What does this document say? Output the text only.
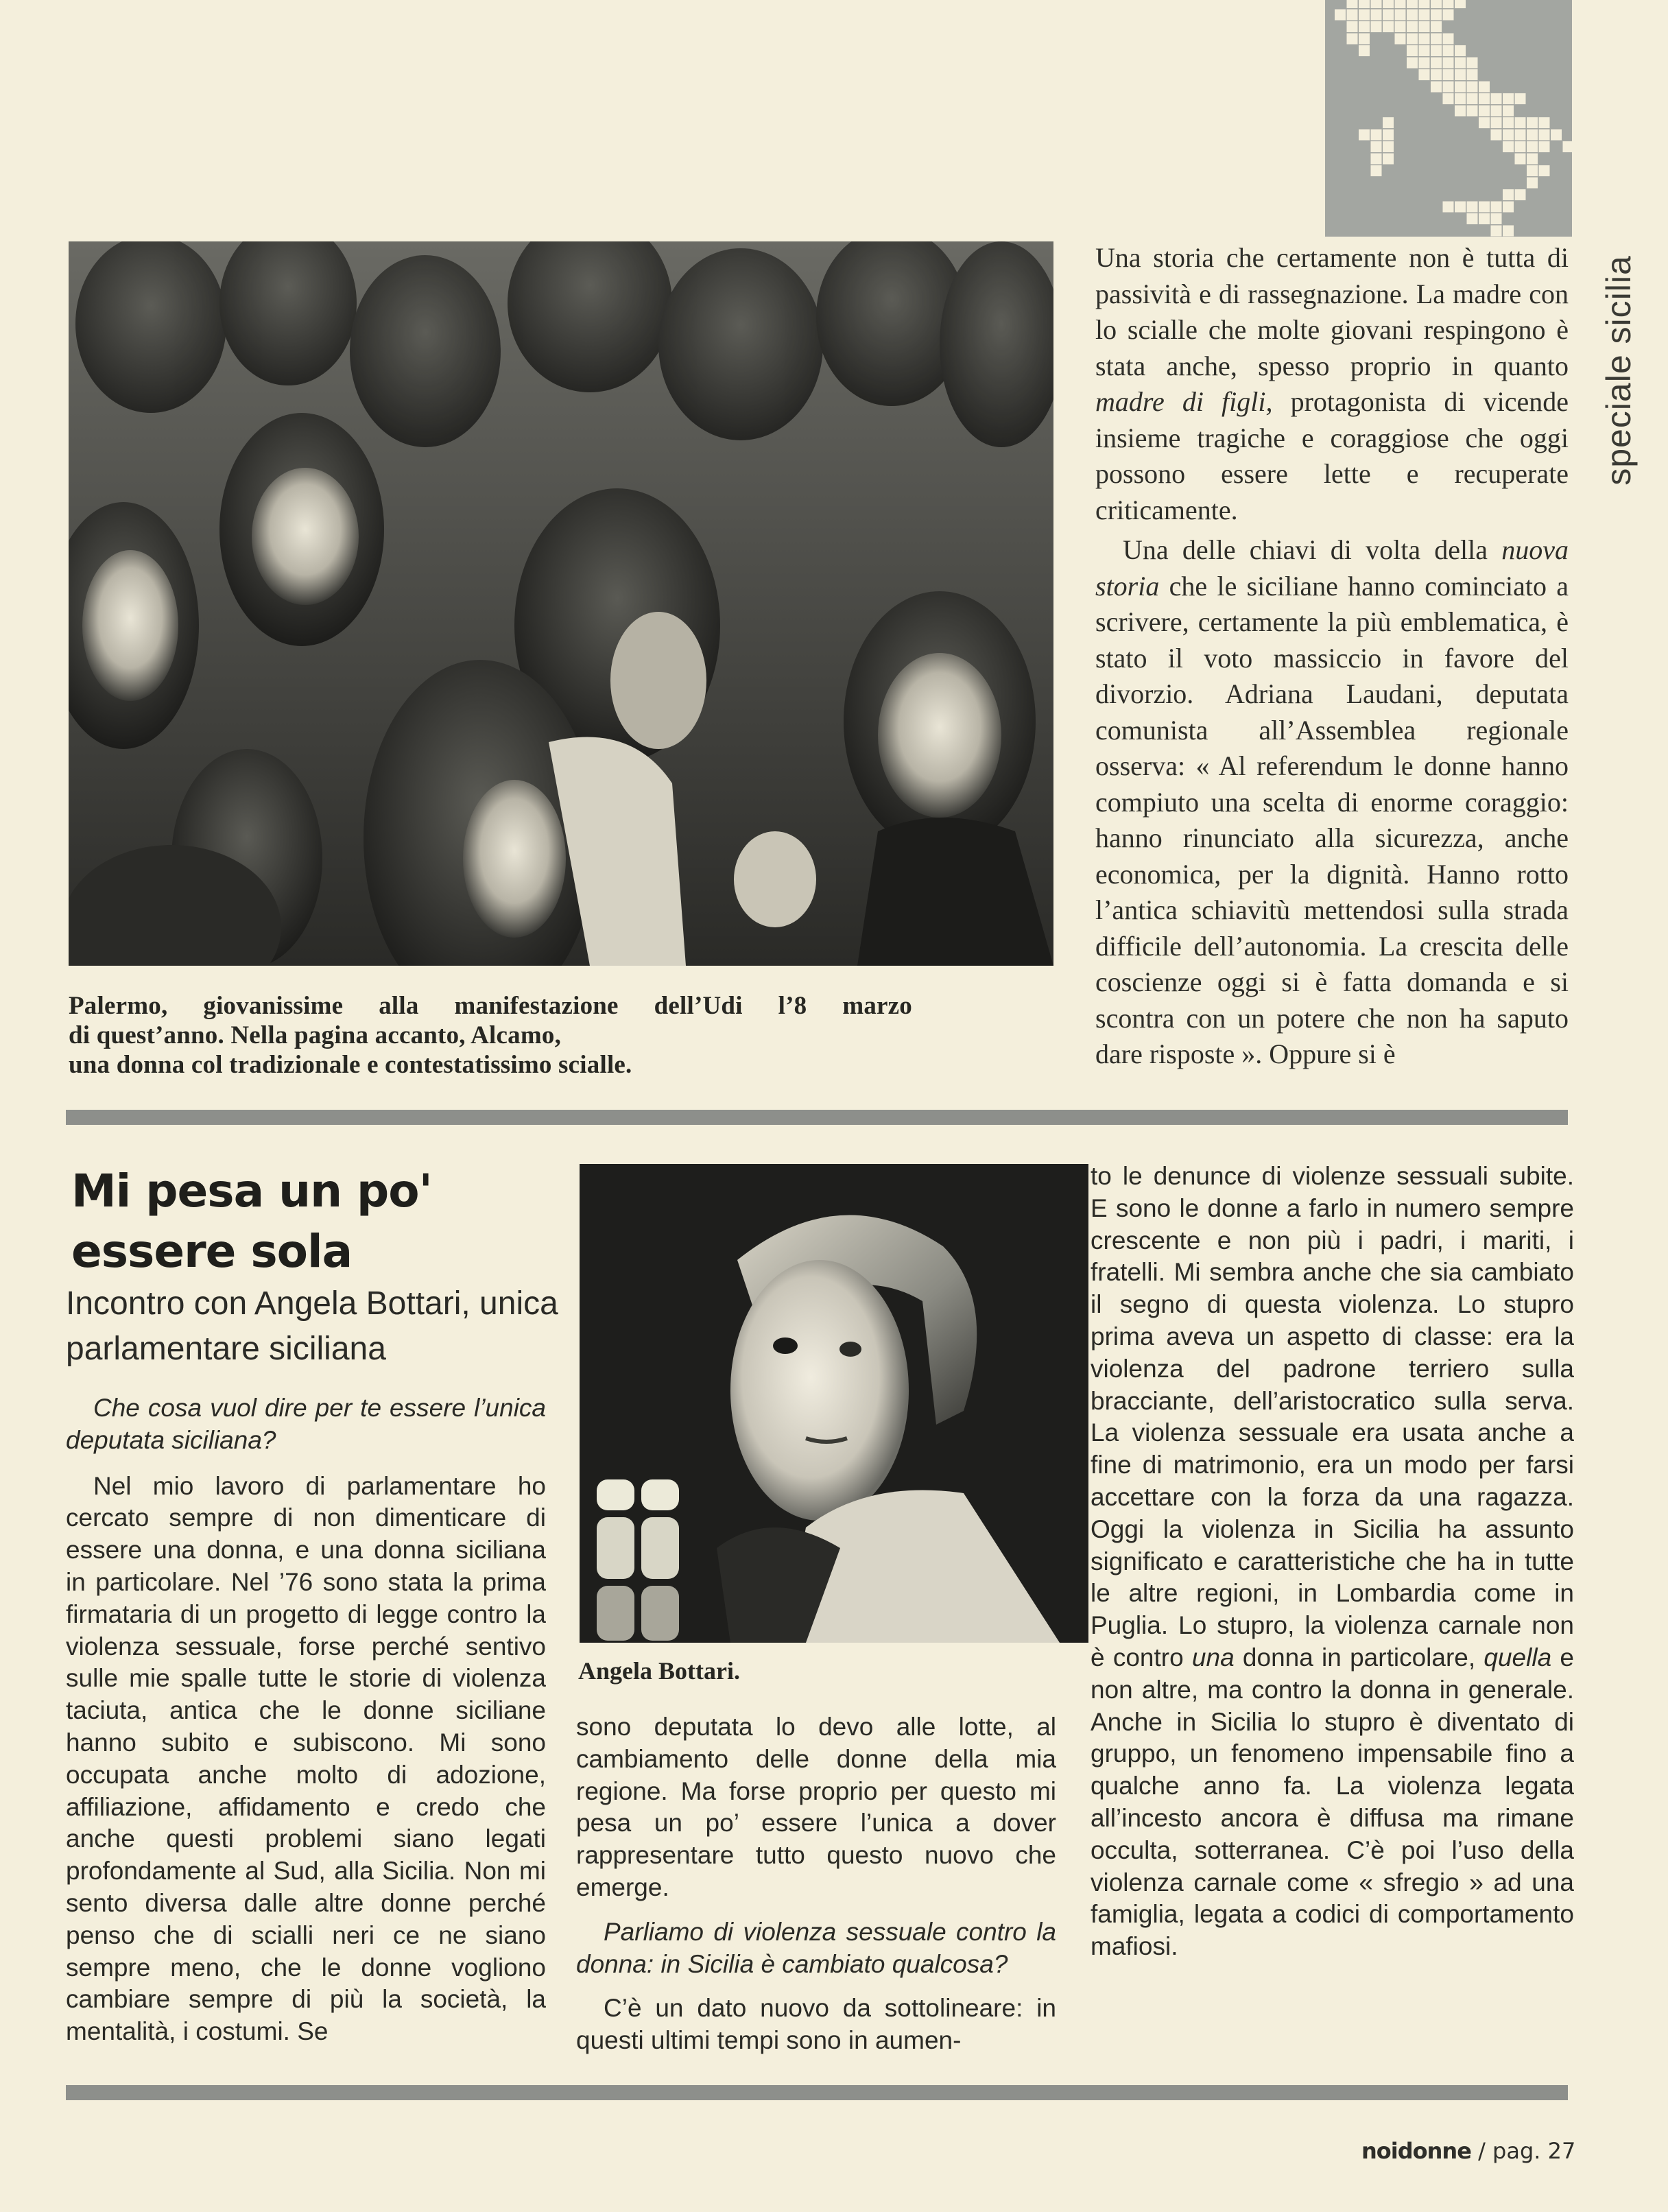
speciale sicilia

Una storia che certamente non è tutta di passività e di rassegnazione. La madre con lo scialle che molte giovani respingono è stata anche, spesso proprio in quanto madre di figli, protagonista di vicende insieme tragiche e coraggiose che oggi possono essere lette e recuperate criticamente.

Una delle chiavi di volta della nuova storia che le siciliane hanno cominciato a scrivere, certamente la più emblematica, è stato il voto massiccio in favore del divorzio. Adriana Laudani, deputata comunista all’Assemblea regionale osserva: « Al referendum le donne hanno compiuto una scelta di enorme coraggio: hanno rinunciato alla sicurezza, anche economica, per la dignità. Hanno rotto l’antica schiavitù mettendosi sulla strada difficile dell’autonomia. La crescita delle coscienze oggi si è fatta domanda e si scontra con un potere che non ha saputo dare risposte ». Oppure si è

Palermo, giovanissime alla manifestazione dell’Udi l’8 marzo
di quest’anno. Nella pagina accanto, Alcamo,
una donna col tradizionale e contestatissimo scialle.
Mi pesa un po' essere sola
Incontro con Angela Bottari, unica parlamentare siciliana

Che cosa vuol dire per te essere l’unica deputata siciliana?

Nel mio lavoro di parlamentare ho cercato sempre di non dimenticare di essere una donna, e una donna siciliana in particolare. Nel ’76 sono stata la prima firmataria di un progetto di legge contro la violenza sessuale, forse perché sentivo sulle mie spalle tutte le storie di violenza taciuta, antica che le donne siciliane hanno subito e subiscono. Mi sono occupata anche molto di adozione, affiliazione, affidamento e credo che anche questi problemi siano legati profondamente al Sud, alla Sicilia. Non mi sento diversa dalle altre donne perché penso che di scialli neri ce ne siano sempre meno, che le donne vogliono cambiare sempre di più la società, la mentalità, i costumi. Se

Angela Bottari.

sono deputata lo devo alle lotte, al cambiamento delle donne della mia regione. Ma forse proprio per questo mi pesa un po’ essere l’unica a dover rappresentare tutto questo nuovo che emerge.

Parliamo di violenza sessuale contro la donna: in Sicilia è cambiato qualcosa?

C’è un dato nuovo da sottolineare: in questi ultimi tempi sono in aumen-

to le denunce di violenze sessuali subite. E sono le donne a farlo in numero sempre crescente e non più i padri, i mariti, i fratelli. Mi sembra anche che sia cambiato il segno di questa violenza. Lo stupro prima aveva un aspetto di classe: era la violenza del padrone terriero sulla bracciante, dell’aristocratico sulla serva. La violenza sessuale era usata anche a fine di matrimonio, era un modo per farsi accettare con la forza da una ragazza. Oggi la violenza in Sicilia ha assunto significato e caratteristiche che ha in tutte le altre regioni, in Lombardia come in Puglia. Lo stupro, la violenza carnale non è contro una donna in particolare, quella e non altre, ma contro la donna in generale. Anche in Sicilia lo stupro è diventato di gruppo, un fenomeno impensabile fino a qualche anno fa. La violenza legata all’incesto ancora è diffusa ma rimane occulta, sotterranea. C’è poi l’uso della violenza carnale come « sfregio » ad una famiglia, legata a codici di comportamento mafiosi.

noidonne / pag. 27
